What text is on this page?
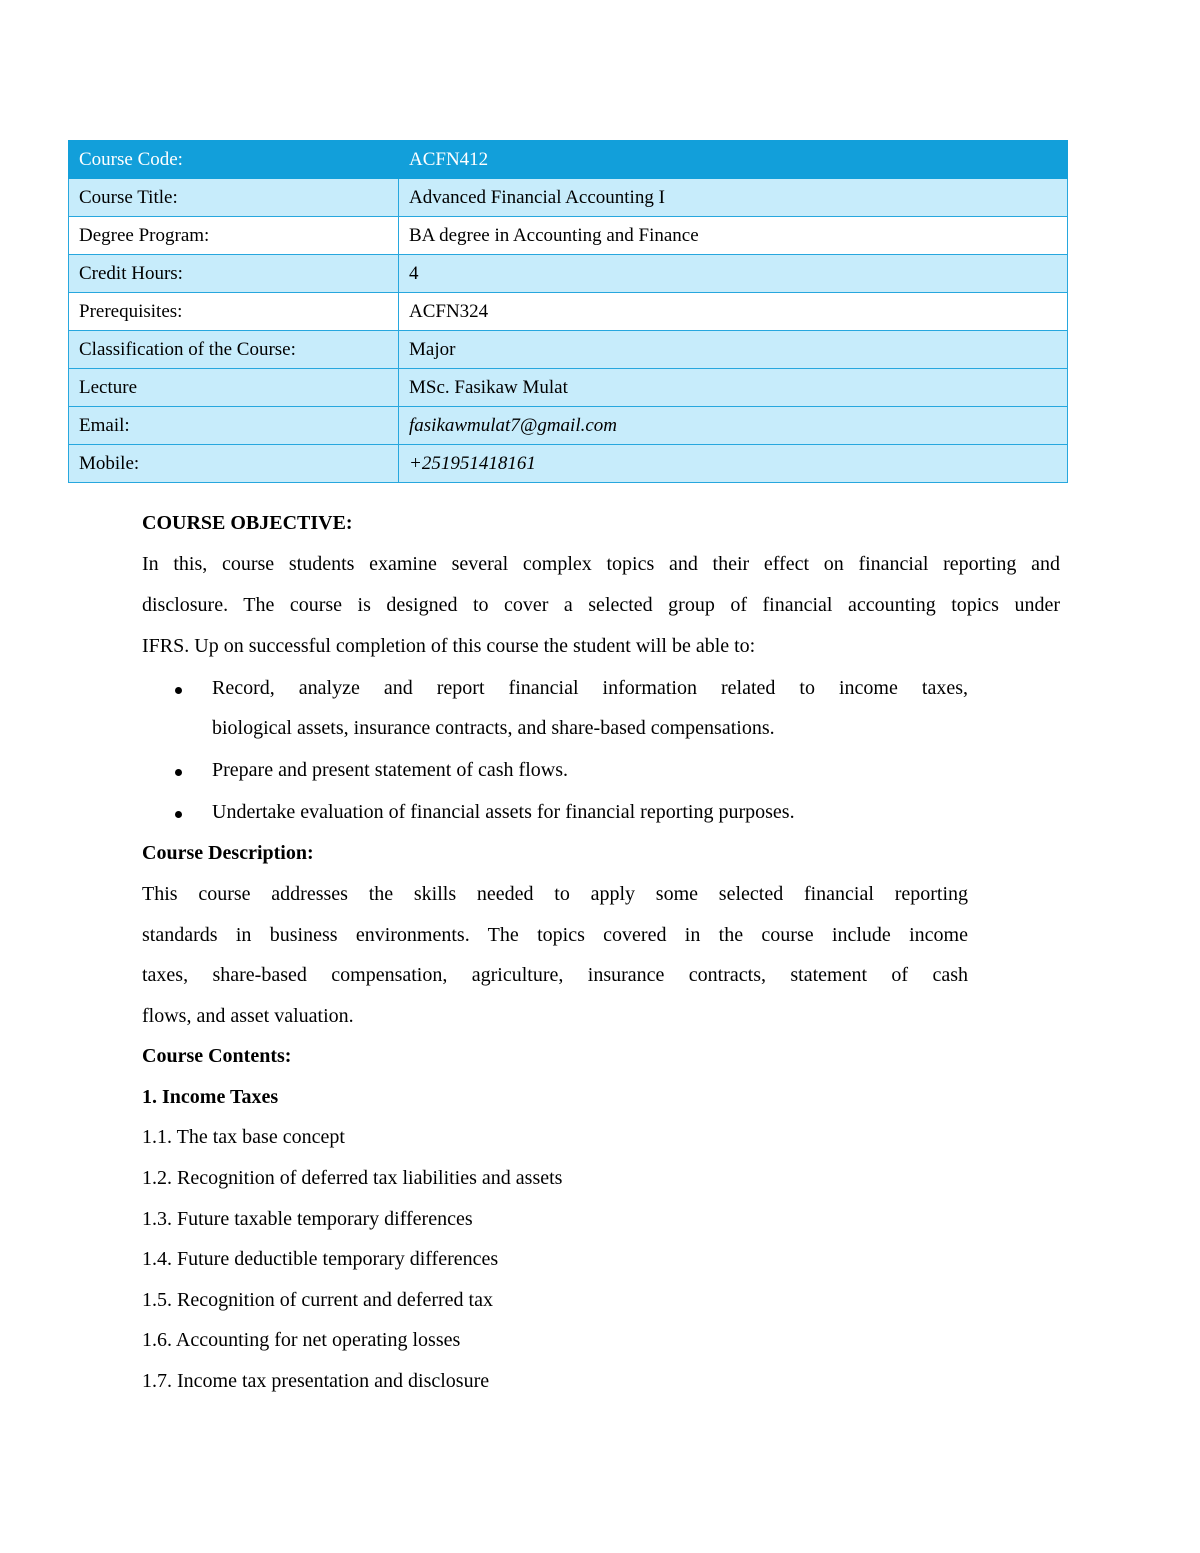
Course Code:	ACFN412
Course Title:	Advanced Financial Accounting I
Degree Program:	BA degree in Accounting and Finance
Credit Hours:	4
Prerequisites:	ACFN324
Classification of the Course:	Major
Lecture	MSc. Fasikaw Mulat
Email:	fasikawmulat7@gmail.com
Mobile:	+251951418161
COURSE OBJECTIVE:
In this, course students examine several complex topics and their effect on financial reporting and
disclosure. The course is designed to cover a selected group of financial accounting topics under
IFRS. Up on successful completion of this course the student will be able to:
Record, analyze and report financial information related to income taxes,
biological assets, insurance contracts, and share-based compensations.
Prepare and present statement of cash flows.
Undertake evaluation of financial assets for financial reporting purposes.
Course Description:
This course addresses the skills needed to apply some selected financial reporting
standards in business environments. The topics covered in the course include income
taxes, share-based compensation, agriculture, insurance contracts, statement of cash
flows, and asset valuation.
Course Contents:
1. Income Taxes
1.1. The tax base concept
1.2. Recognition of deferred tax liabilities and assets
1.3. Future taxable temporary differences
1.4. Future deductible temporary differences
1.5. Recognition of current and deferred tax
1.6. Accounting for net operating losses
1.7. Income tax presentation and disclosure
